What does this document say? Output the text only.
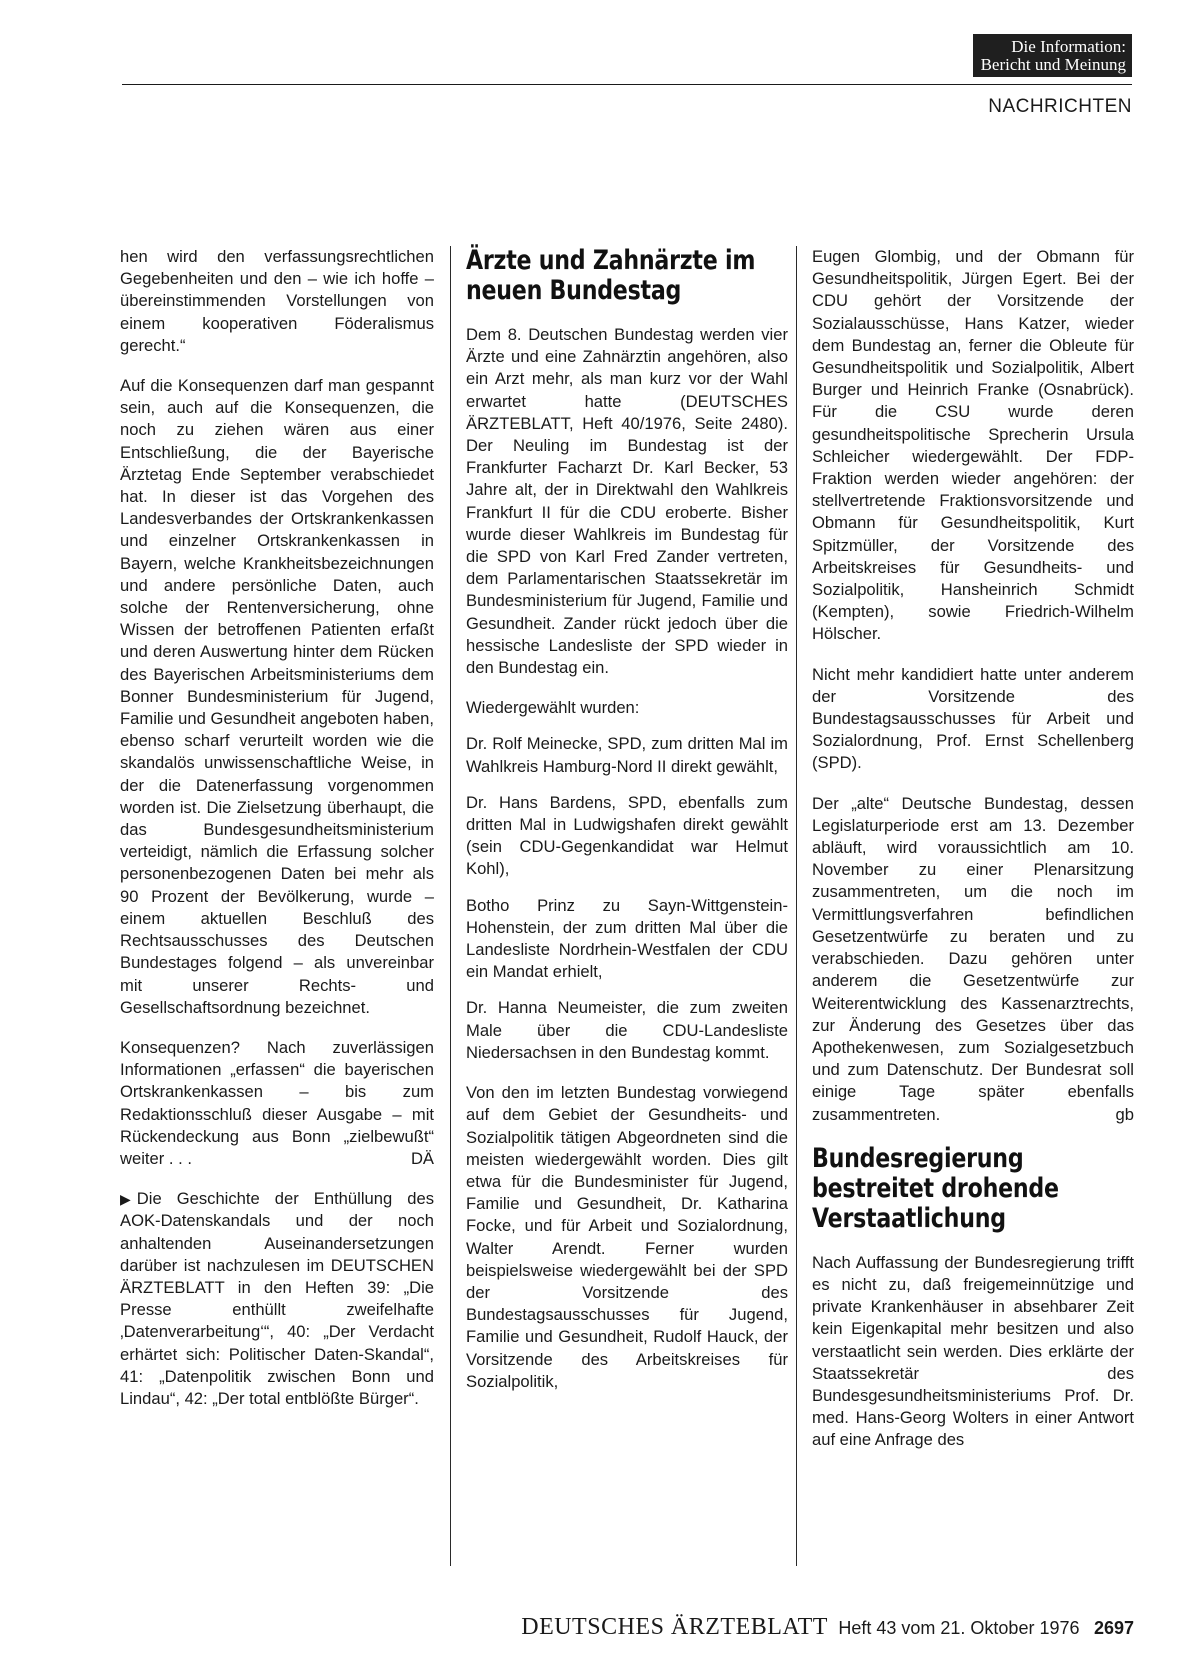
Die Information:
Bericht und Meinung
NACHRICHTEN

hen wird den verfassungsrechtlichen Gegebenheiten und den – wie ich hoffe – übereinstimmenden Vorstellungen von einem kooperativen Föderalismus gerecht.“

Auf die Konsequenzen darf man gespannt sein, auch auf die Konsequenzen, die noch zu ziehen wären aus einer Entschließung, die der Bayerische Ärztetag Ende September verabschiedet hat. In dieser ist das Vorgehen des Landesverbandes der Ortskrankenkassen und einzelner Ortskrankenkassen in Bayern, welche Krankheitsbezeichnungen und andere persönliche Daten, auch solche der Rentenversicherung, ohne Wissen der betroffenen Patienten erfaßt und deren Auswertung hinter dem Rücken des Bayerischen Arbeitsministeriums dem Bonner Bundesministerium für Jugend, Familie und Gesundheit angeboten haben, ebenso scharf verurteilt worden wie die skandalös unwissenschaftliche Weise, in der die Datenerfassung vorgenommen worden ist. Die Zielsetzung überhaupt, die das Bundesgesundheitsministerium verteidigt, nämlich die Erfassung solcher personenbezogenen Daten bei mehr als 90 Prozent der Bevölkerung, wurde – einem aktuellen Beschluß des Rechtsausschusses des Deutschen Bundestages folgend – als unvereinbar mit unserer Rechts- und Gesellschaftsordnung bezeichnet.

Konsequenzen? Nach zuverlässigen Informationen „erfassen“ die bayerischen Ortskrankenkassen – bis zum Redaktionsschluß dieser Ausgabe – mit Rückendeckung aus Bonn „zielbewußt“ weiter . . .	DÄ

▶ Die Geschichte der Enthüllung des AOK-Datenskandals und der noch anhaltenden Auseinandersetzungen darüber ist nachzulesen im DEUTSCHEN ÄRZTEBLATT in den Heften 39: „Die Presse enthüllt zweifelhafte ‚Datenverarbeitung‘“, 40: „Der Verdacht erhärtet sich: Politischer Daten-Skandal“, 41: „Datenpolitik zwischen Bonn und Lindau“, 42: „Der total entblößte Bürger“.

Ärzte und Zahnärzte im neuen Bundestag

Dem 8. Deutschen Bundestag werden vier Ärzte und eine Zahnärztin angehören, also ein Arzt mehr, als man kurz vor der Wahl erwartet hatte (DEUTSCHES ÄRZTEBLATT, Heft 40/1976, Seite 2480). Der Neuling im Bundestag ist der Frankfurter Facharzt Dr. Karl Becker, 53 Jahre alt, der in Direktwahl den Wahlkreis Frankfurt II für die CDU eroberte. Bisher wurde dieser Wahlkreis im Bundestag für die SPD von Karl Fred Zander vertreten, dem Parlamentarischen Staatssekretär im Bundesministerium für Jugend, Familie und Gesundheit. Zander rückt jedoch über die hessische Landesliste der SPD wieder in den Bundestag ein.

Wiedergewählt wurden:

Dr. Rolf Meinecke, SPD, zum dritten Mal im Wahlkreis Hamburg-Nord II direkt gewählt,

Dr. Hans Bardens, SPD, ebenfalls zum dritten Mal in Ludwigshafen direkt gewählt (sein CDU-Gegenkandidat war Helmut Kohl),

Botho Prinz zu Sayn-Wittgenstein-Hohenstein, der zum dritten Mal über die Landesliste Nordrhein-Westfalen der CDU ein Mandat erhielt,

Dr. Hanna Neumeister, die zum zweiten Male über die CDU-Landesliste Niedersachsen in den Bundestag kommt.

Von den im letzten Bundestag vorwiegend auf dem Gebiet der Gesundheits- und Sozialpolitik tätigen Abgeordneten sind die meisten wiedergewählt worden. Dies gilt etwa für die Bundesminister für Jugend, Familie und Gesundheit, Dr. Katharina Focke, und für Arbeit und Sozialordnung, Walter Arendt. Ferner wurden beispielsweise wiedergewählt bei der SPD der Vorsitzende des Bundestagsausschusses für Jugend, Familie und Gesundheit, Rudolf Hauck, der Vorsitzende des Arbeitskreises für Sozialpolitik,

Eugen Glombig, und der Obmann für Gesundheitspolitik, Jürgen Egert. Bei der CDU gehört der Vorsitzende der Sozialausschüsse, Hans Katzer, wieder dem Bundestag an, ferner die Obleute für Gesundheitspolitik und Sozialpolitik, Albert Burger und Heinrich Franke (Osnabrück). Für die CSU wurde deren gesundheitspolitische Sprecherin Ursula Schleicher wiedergewählt. Der FDP-Fraktion werden wieder angehören: der stellvertretende Fraktionsvorsitzende und Obmann für Gesundheitspolitik, Kurt Spitzmüller, der Vorsitzende des Arbeitskreises für Gesundheits- und Sozialpolitik, Hansheinrich Schmidt (Kempten), sowie Friedrich-Wilhelm Hölscher.

Nicht mehr kandidiert hatte unter anderem der Vorsitzende des Bundestagsausschusses für Arbeit und Sozialordnung, Prof. Ernst Schellenberg (SPD).

Der „alte“ Deutsche Bundestag, dessen Legislaturperiode erst am 13. Dezember abläuft, wird voraussichtlich am 10. November zu einer Plenarsitzung zusammentreten, um die noch im Vermittlungsverfahren befindlichen Gesetzentwürfe zu beraten und zu verabschieden. Dazu gehören unter anderem die Gesetzentwürfe zur Weiterentwicklung des Kassenarztrechts, zur Änderung des Gesetzes über das Apothekenwesen, zum Sozialgesetzbuch und zum Datenschutz. Der Bundesrat soll einige Tage später ebenfalls zusammentreten.	gb

Bundesregierung bestreitet drohende Verstaatlichung

Nach Auffassung der Bundesregierung trifft es nicht zu, daß freigemeinnützige und private Krankenhäuser in absehbarer Zeit kein Eigenkapital mehr besitzen und also verstaatlicht sein werden. Dies erklärte der Staatssekretär des Bundesgesundheitsministeriums Prof. Dr. med. Hans-Georg Wolters in einer Antwort auf eine Anfrage des

DEUTSCHES ÄRZTEBLATT Heft 43 vom 21. Oktober 1976 2697
